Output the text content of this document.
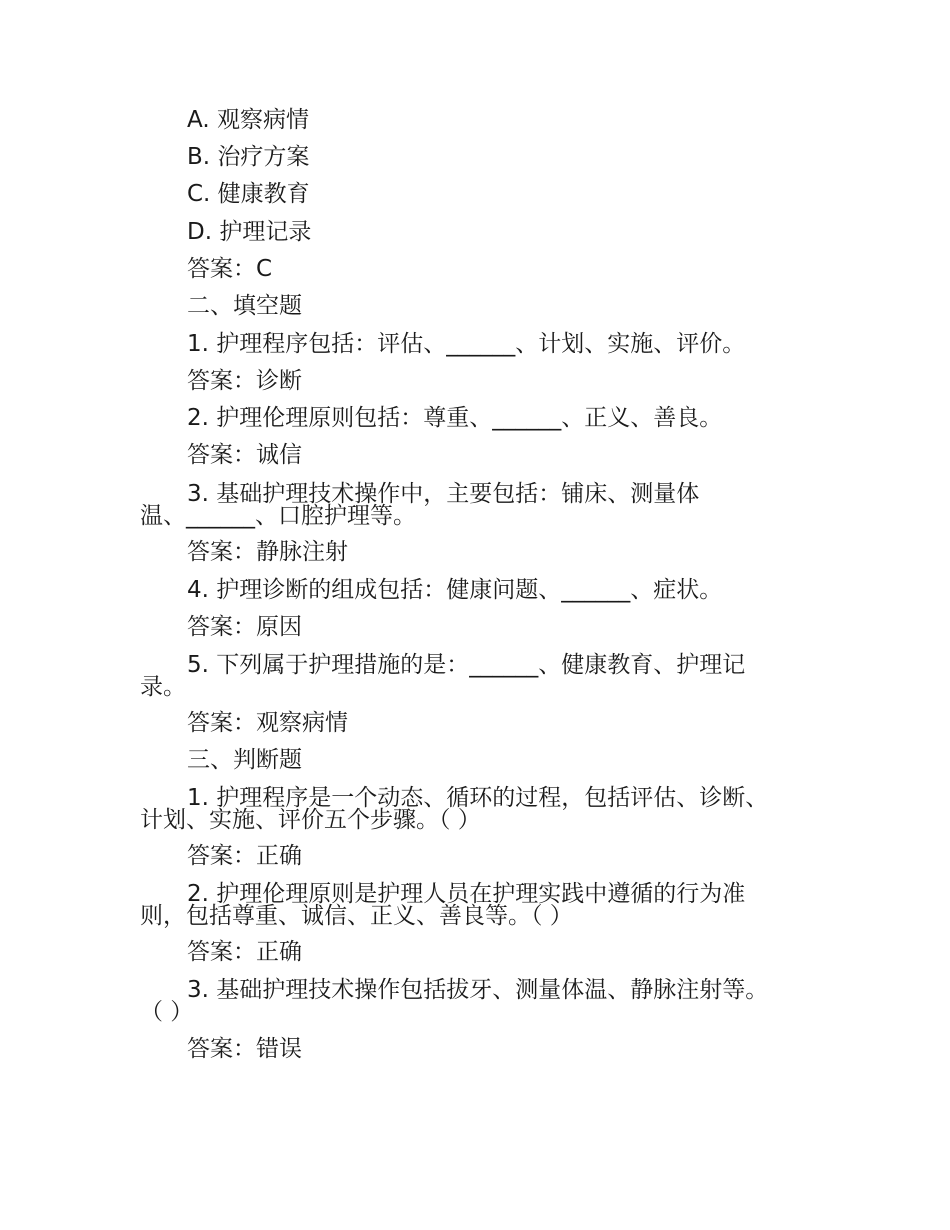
A. 观察病情
B. 治疗方案
C. 健康教育
D. 护理记录
答案：C
二、填空题
1. 护理程序包括：评估、______、计划、实施、评价。
答案：诊断
2. 护理伦理原则包括：尊重、______、正义、善良。
答案：诚信
3. 基础护理技术操作中，主要包括：铺床、测量体
温、______、口腔护理等。
答案：静脉注射
4. 护理诊断的组成包括：健康问题、______、症状。
答案：原因
5. 下列属于护理措施的是：______、健康教育、护理记
录。
答案：观察病情
三、判断题
1. 护理程序是一个动态、循环的过程，包括评估、诊断、
计划、实施、评价五个步骤。（ ）
答案：正确
2. 护理伦理原则是护理人员在护理实践中遵循的行为准
则，包括尊重、诚信、正义、善良等。（ ）
答案：正确
3. 基础护理技术操作包括拔牙、测量体温、静脉注射等。
（ ）
答案：错误
